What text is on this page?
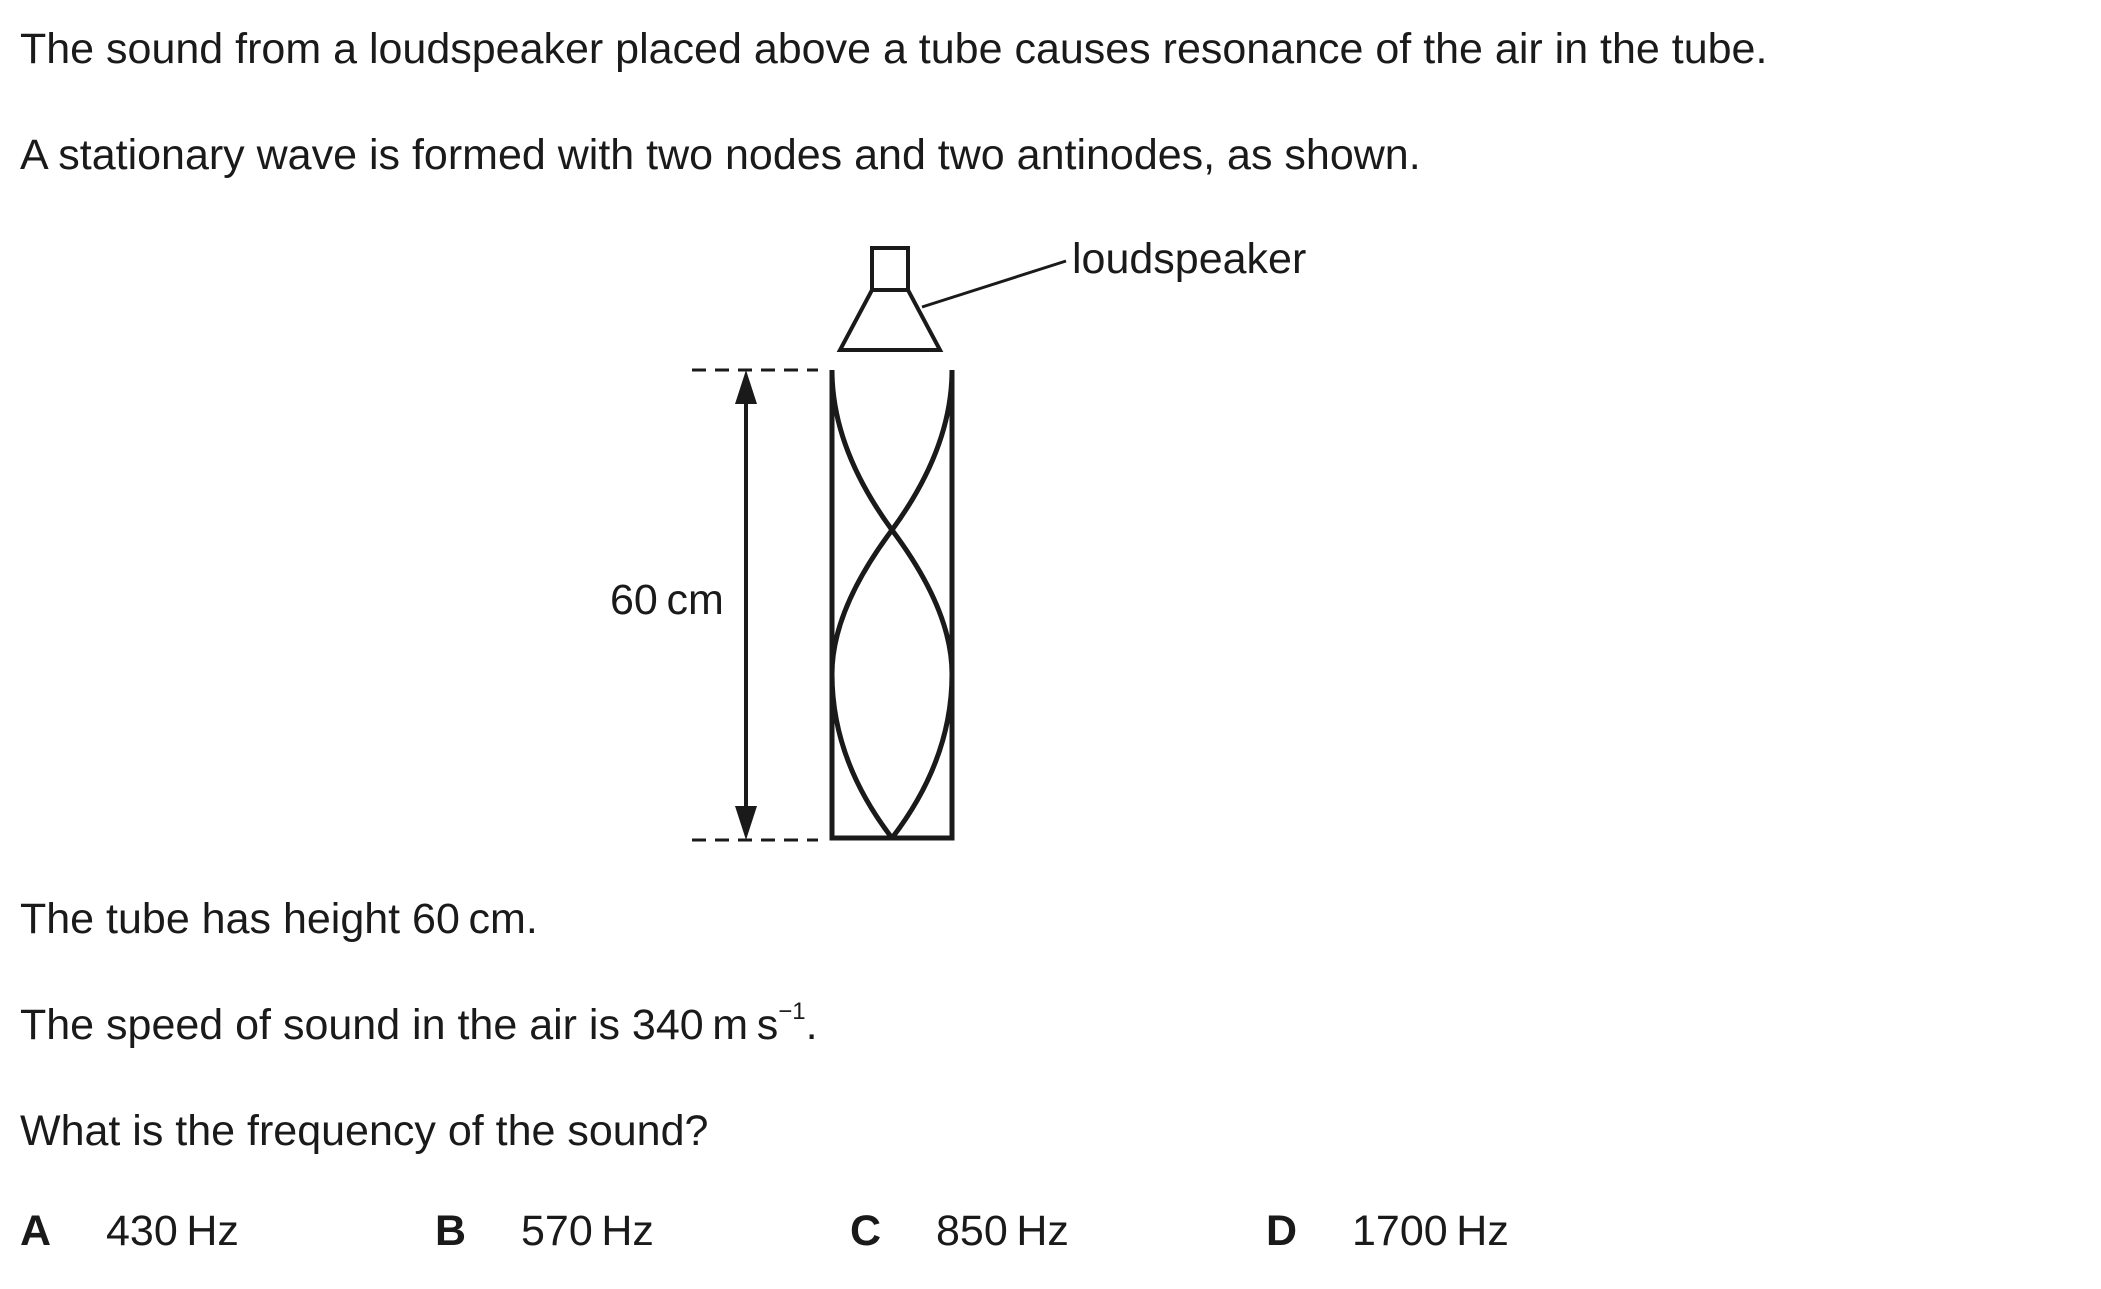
The sound from a loudspeaker placed above a tube causes resonance of the air in the tube.
A stationary wave is formed with two nodes and two antinodes, as shown.
loudspeaker
60 cm
The tube has height 60 cm.
The speed of sound in the air is 340 m $s^{-1}$.
What is the frequency of the sound?
A 430 Hz	B 570 Hz	C 850 Hz	D 1700 Hz
